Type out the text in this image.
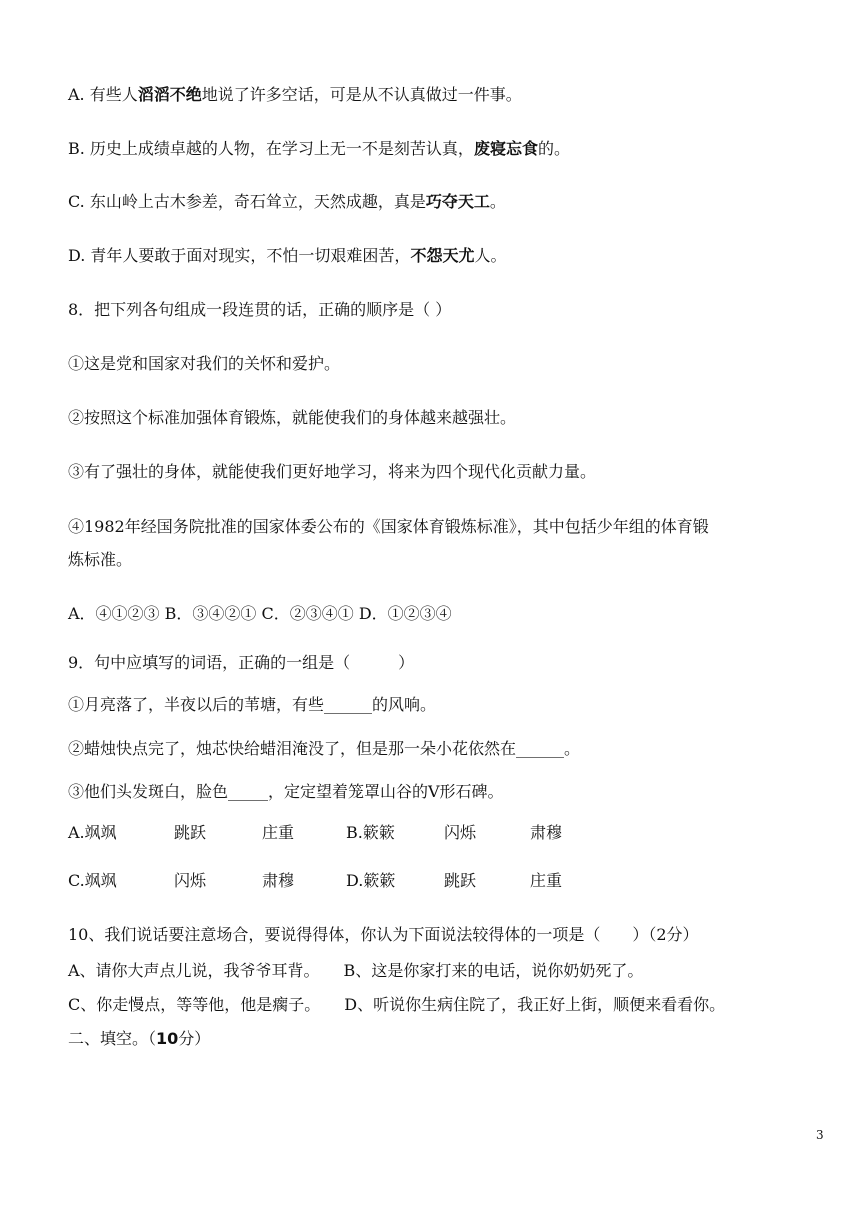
A. 有些人滔滔不绝地说了许多空话，可是从不认真做过一件事。
B. 历史上成绩卓越的人物，在学习上无一不是刻苦认真，废寝忘食的。
C. 东山岭上古木参差，奇石耸立，天然成趣，真是巧夺天工。
D. 青年人要敢于面对现实，不怕一切艰难困苦，不怨天尤人。
8．把下列各句组成一段连贯的话，正确的顺序是（ ）
①这是党和国家对我们的关怀和爱护。
②按照这个标准加强体育锻炼，就能使我们的身体越来越强壮。
③有了强壮的身体，就能使我们更好地学习，将来为四个现代化贡献力量。
④1982年经国务院批准的国家体委公布的《国家体育锻炼标准》，其中包括少年组的体育锻
炼标准。
A．④①②③ B．③④②① C．②③④① D．①②③④
9．句中应填写的词语，正确的一组是（　　　）
①月亮落了，半夜以后的苇塘，有些______的风响。
②蜡烛快点完了，烛芯快给蜡泪淹没了，但是那一朵小花依然在______。
③他们头发斑白，脸色_____，定定望着笼罩山谷的V形石碑。
A.飒飒	跳跃	庄重	B.簌簌	闪烁	肃穆
C.飒飒	闪烁	肃穆	D.簌簌	跳跃	庄重
10、我们说话要注意场合，要说得得体，你认为下面说法较得体的一项是（　　）（2分）
A、请你大声点儿说，我爷爷耳背。　　B、这是你家打来的电话，说你奶奶死了。
C、你走慢点，等等他，他是瘸子。　　D、听说你生病住院了，我正好上街，顺便来看看你。
二、填空。（10分）
3
